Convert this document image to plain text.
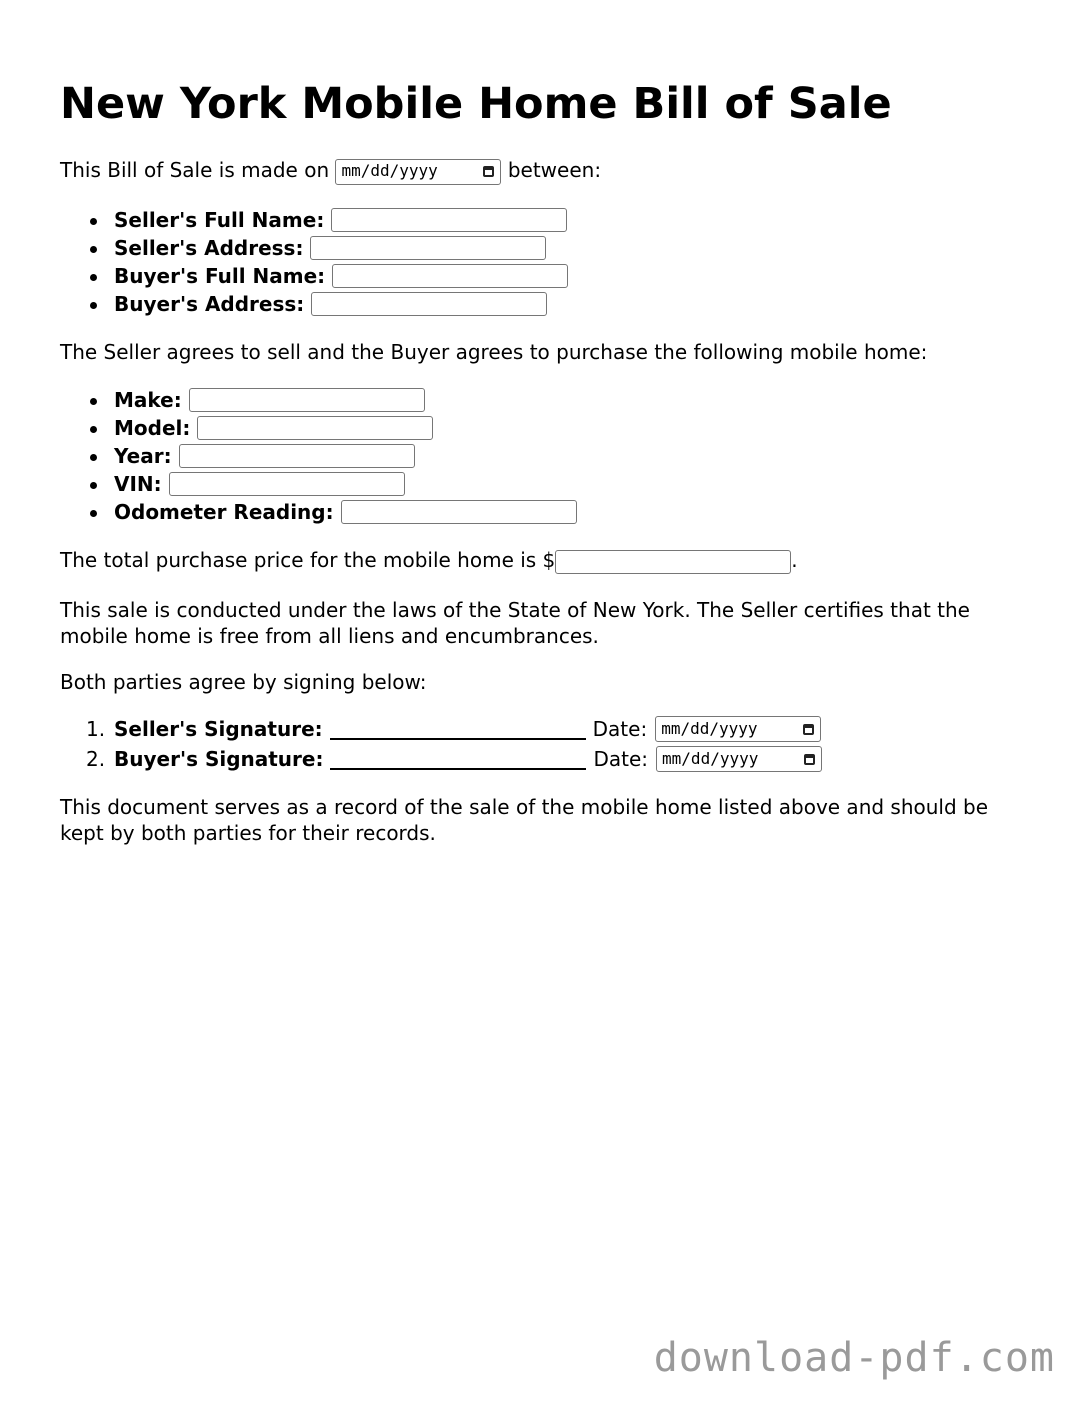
New York Mobile Home Bill of Sale
This Bill of Sale is made on mm/dd/yyyy	between:
Seller's Full Name:
Seller's Address:
Buyer's Full Name:
Buyer's Address:
The Seller agrees to sell and the Buyer agrees to purchase the following mobile home:
Make:
Model:
Year:
VIN:
Odometer Reading:
The total purchase price for the mobile home is $	.
This sale is conducted under the laws of the State of New York. The Seller certifies that the mobile home is free from all liens and encumbrances.
Both parties agree by signing below:
1. Seller's Signature:	Date: mm/dd/yyyy
2. Buyer's Signature:	Date: mm/dd/yyyy
This document serves as a record of the sale of the mobile home listed above and should be kept by both parties for their records.
download-pdf.com
